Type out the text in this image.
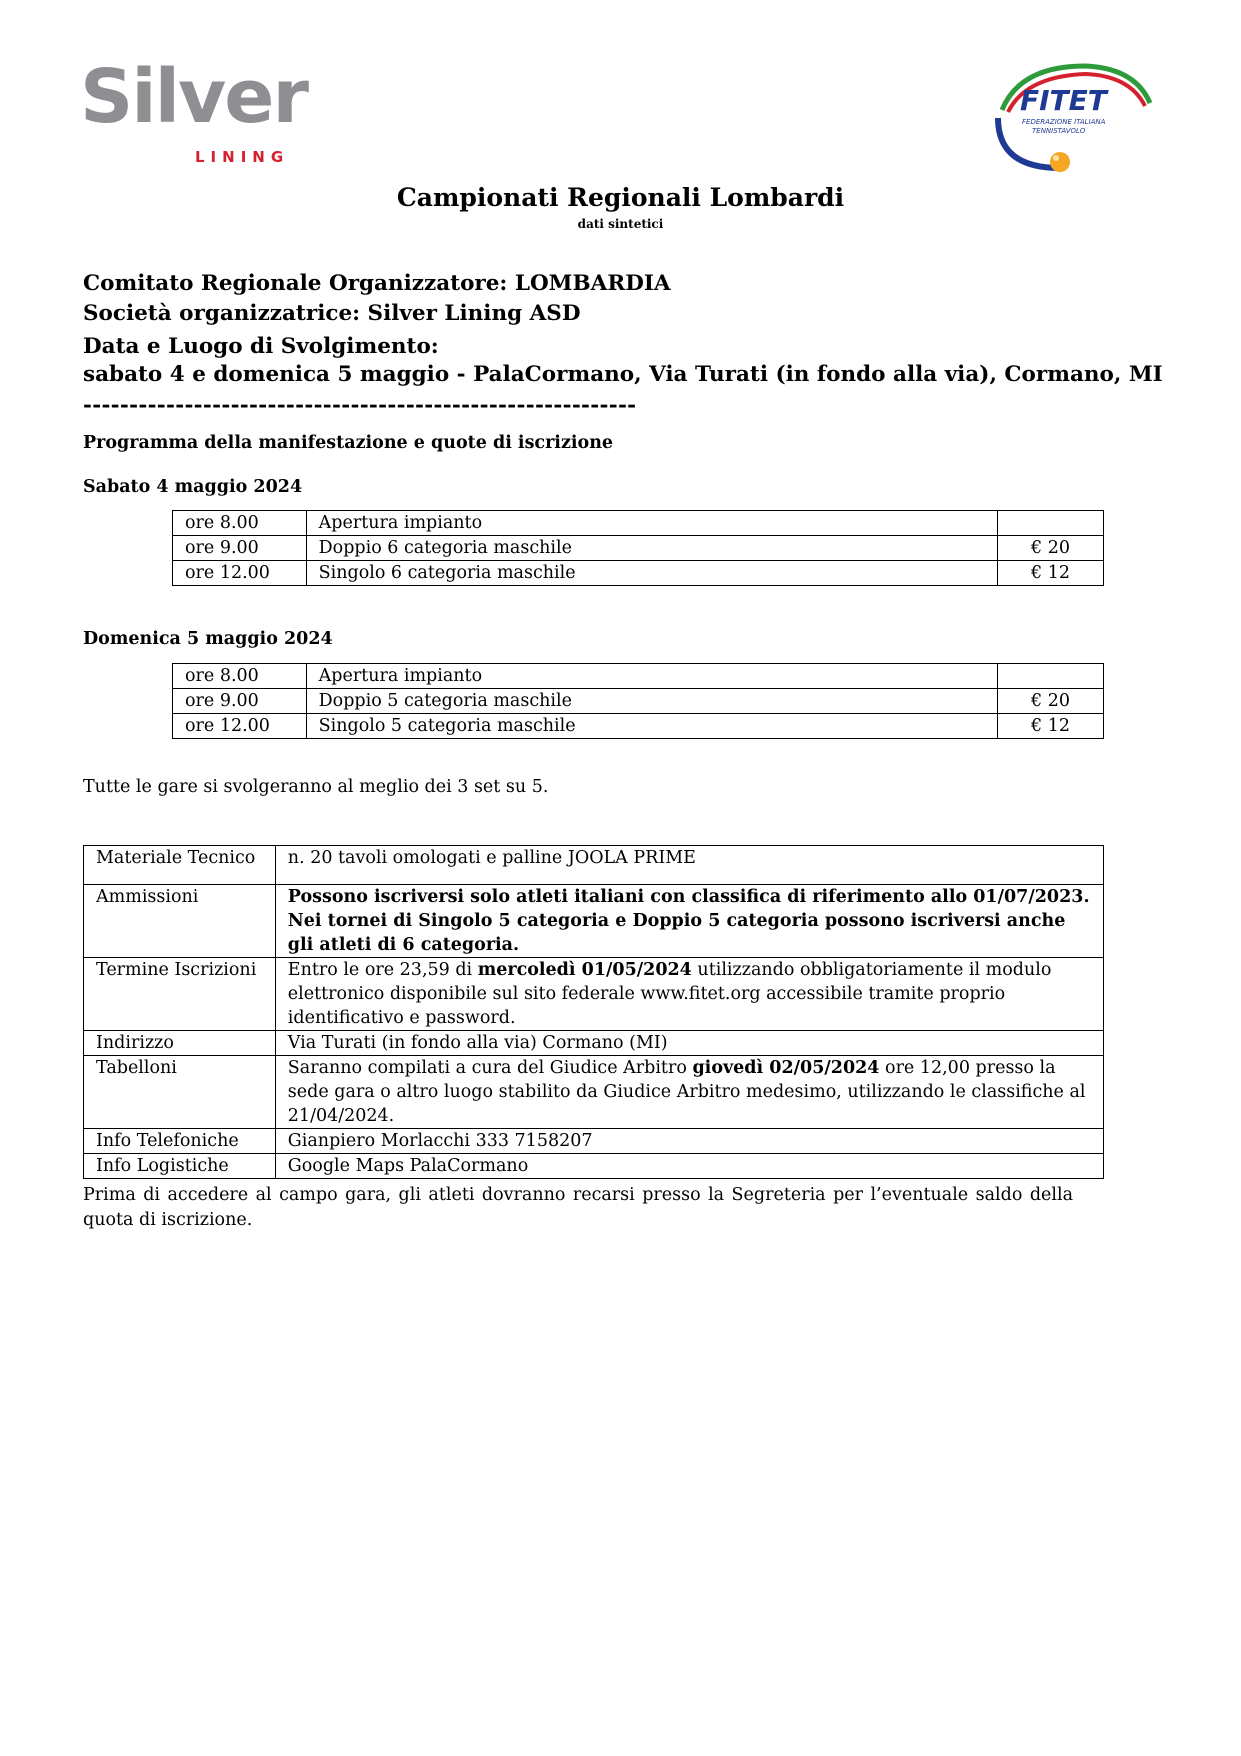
Silver
LINING
FITET
FEDERAZIONE ITALIANA
TENNISTAVOLO
Campionati Regionali Lombardi
dati sintetici
Comitato Regionale Organizzatore: LOMBARDIA
Società organizzatrice: Silver Lining ASD
Data e Luogo di Svolgimento:
sabato 4 e domenica 5 maggio - PalaCormano, Via Turati (in fondo alla via), Cormano, MI
------------------------------------------------------------
Programma della manifestazione e quote di iscrizione
Sabato 4 maggio 2024
ore 8.00	Apertura impianto	
ore 9.00	Doppio 6 categoria maschile	€ 20
ore 12.00	Singolo 6 categoria maschile	€ 12
Domenica 5 maggio 2024
ore 8.00	Apertura impianto	
ore 9.00	Doppio 5 categoria maschile	€ 20
ore 12.00	Singolo 5 categoria maschile	€ 12
Tutte le gare si svolgeranno al meglio dei 3 set su 5.
Materiale Tecnico	n. 20 tavoli omologati e palline JOOLA PRIME
Ammissioni	Possono iscriversi solo atleti italiani con classifica di riferimento allo 01/07/2023.
Nei tornei di Singolo 5 categoria e Doppio 5 categoria possono iscriversi anche gli atleti di 6 categoria.

Termine Iscrizioni	Entro le ore 23,59 di mercoledì 01/05/2024 utilizzando obbligatoriamente il modulo elettronico disponibile sul sito federale www.fitet.org accessibile tramite proprio identificativo e password.
Indirizzo	Via Turati (in fondo alla via) Cormano (MI)
Tabelloni	Saranno compilati a cura del Giudice Arbitro giovedì 02/05/2024 ore 12,00 presso la sede gara o altro luogo stabilito da Giudice Arbitro medesimo, utilizzando le classifiche al 21/04/2024.
Info Telefoniche	Gianpiero Morlacchi 333 7158207
Info Logistiche	Google Maps PalaCormano
Prima di accedere al campo gara, gli atleti dovranno recarsi presso la Segreteria per l’eventuale saldo della quota di iscrizione.
